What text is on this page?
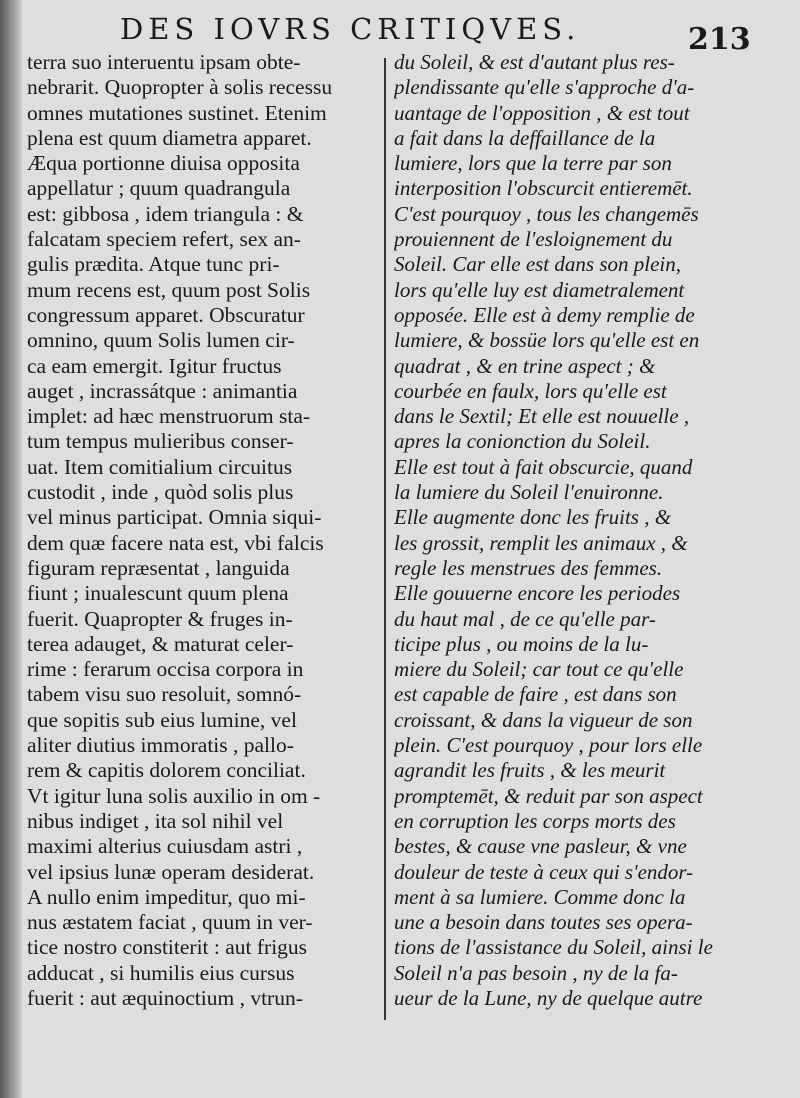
DES IOVRS CRITIQVES.	213
terra suo interuentu ipsam obte-
nebrarit. Quopropter à solis recessu
omnes mutationes sustinet. Etenim
plena est quum diametra apparet.
Æqua portionne diuisa opposita
appellatur ; quum quadrangula
est: gibbosa , idem triangula : &
falcatam speciem refert, sex an-
gulis prædita. Atque tunc pri-
mum recens est, quum post Solis
congressum apparet. Obscuratur
omnino, quum Solis lumen cir-
ca eam emergit. Igitur fructus
auget , incrassátque : animantia
implet: ad hæc menstruorum sta-
tum tempus mulieribus conser-
uat. Item comitialium circuitus
custodit , inde , quòd solis plus
vel minus participat. Omnia siqui-
dem quæ facere nata est, vbi falcis
figuram repræsentat , languida
fiunt ; inualescunt quum plena
fuerit. Quapropter & fruges in-
terea adauget, & maturat celer-
rime : ferarum occisa corpora in
tabem visu suo resoluit, somnó-
que sopitis sub eius lumine, vel
aliter diutius immoratis , pallo-
rem & capitis dolorem conciliat.
Vt igitur luna solis auxilio in om -
nibus indiget , ita sol nihil vel
maximi alterius cuiusdam astri ,
vel ipsius lunæ operam desiderat.
A nullo enim impeditur, quo mi-
nus æstatem faciat , quum in ver-
tice nostro constiterit : aut frigus
adducat , si humilis eius cursus
fuerit : aut æquinoctium , vtrun-
du Soleil, & est d'autant plus res-
plendissante qu'elle s'approche d'a-
uantage de l'opposition , & est tout
a fait dans la deffaillance de la
lumiere, lors que la terre par son
interposition l'obscurcit entieremēt.
C'est pourquoy , tous les changemēs
prouiennent de l'esloignement du
Soleil. Car elle est dans son plein,
lors qu'elle luy est diametralement
opposée. Elle est à demy remplie de
lumiere, & bossüe lors qu'elle est en
quadrat , & en trine aspect ; &
courbée en faulx, lors qu'elle est
dans le Sextil; Et elle est nouuelle ,
apres la conionction du Soleil.
Elle est tout à fait obscurcie, quand
la lumiere du Soleil l'enuironne.
Elle augmente donc les fruits , &
les grossit, remplit les animaux , &
regle les menstrues des femmes.
Elle gouuerne encore les periodes
du haut mal , de ce qu'elle par-
ticipe plus , ou moins de la lu-
miere du Soleil; car tout ce qu'elle
est capable de faire , est dans son
croissant, & dans la vigueur de son
plein. C'est pourquoy , pour lors elle
agrandit les fruits , & les meurit
promptemēt, & reduit par son aspect
en corruption les corps morts des
bestes, & cause vne pasleur, & vne
douleur de teste à ceux qui s'endor-
ment à sa lumiere. Comme donc la
une a besoin dans toutes ses opera-
tions de l'assistance du Soleil, ainsi le
Soleil n'a pas besoin , ny de la fa-
ueur de la Lune, ny de quelque autre
